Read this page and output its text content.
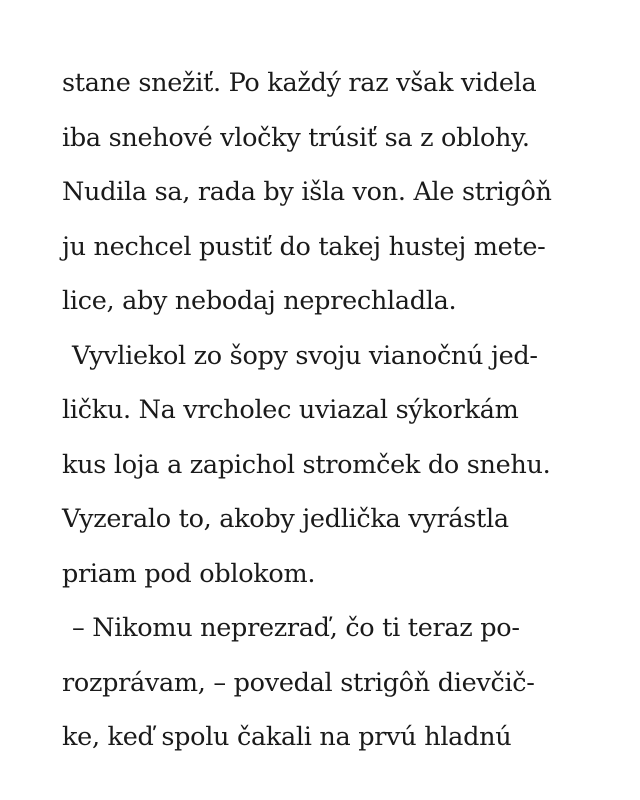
stane snežiť. Po každý raz však videla
iba snehové vločky trúsiť sa z oblohy.
Nudila sa, rada by išla von. Ale strigôň
ju nechcel pustiť do takej hustej mete-
lice, aby nebodaj neprechladla.
Vyvliekol zo šopy svoju vianočnú jed-
ličku. Na vrcholec uviazal sýkorkám
kus loja a zapichol stromček do snehu.
Vyzeralo to, akoby jedlička vyrástla
priam pod oblokom.
– Nikomu neprezraď, čo ti teraz po-
rozprávam, – povedal strigôň dievčič-
ke, keď spolu čakali na prvú hladnú
